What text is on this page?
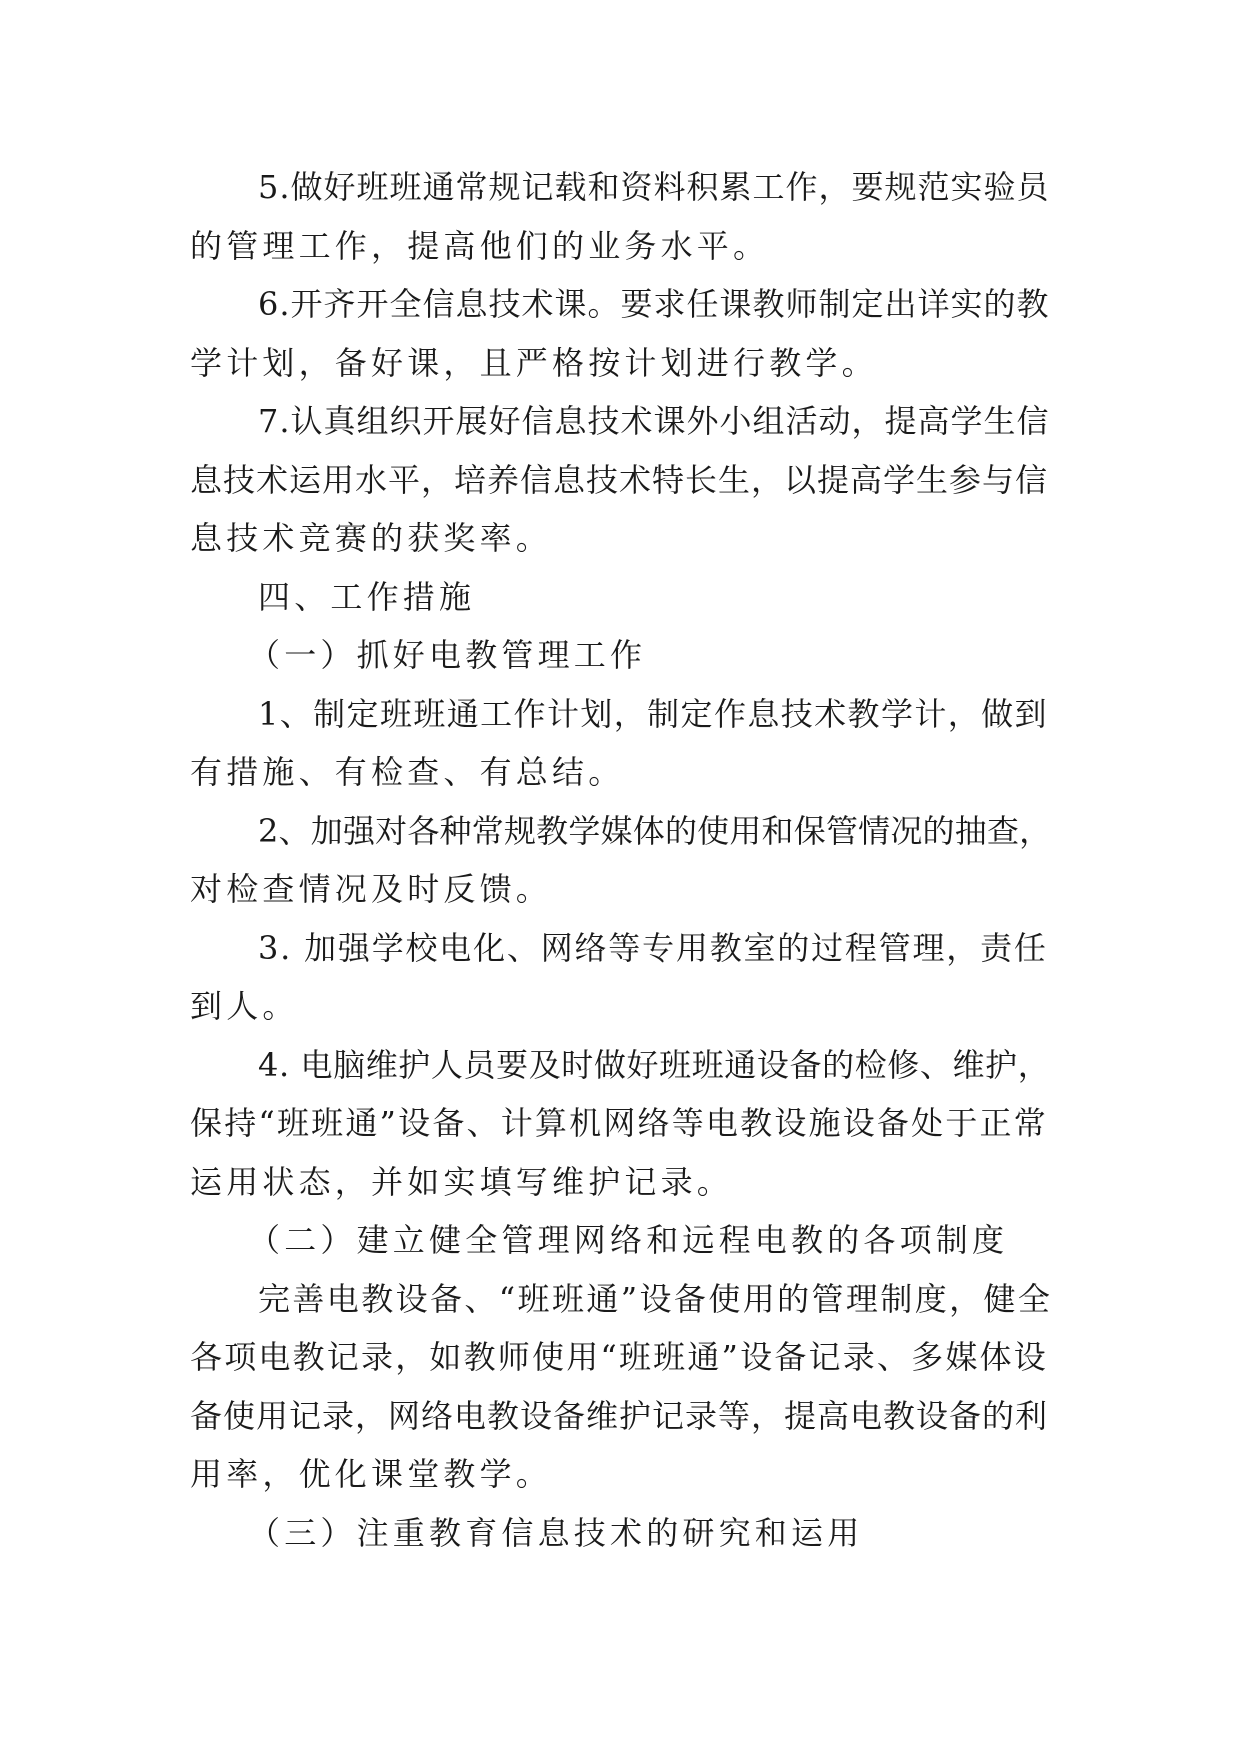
5.做好班班通常规记载和资料积累工作，要规范实验员
的管理工作，提高他们的业务水平。
6.开齐开全信息技术课。要求任课教师制定出详实的教
学计划，备好课，且严格按计划进行教学。
7.认真组织开展好信息技术课外小组活动，提高学生信
息技术运用水平，培养信息技术特长生，以提高学生参与信
息技术竞赛的获奖率。
四、工作措施
（一）抓好电教管理工作
1、制定班班通工作计划，制定作息技术教学计，做到
有措施、有检查、有总结。
2、加强对各种常规教学媒体的使用和保管情况的抽查，
对检查情况及时反馈。
3. 加强学校电化、网络等专用教室的过程管理，责任
到人。
4. 电脑维护人员要及时做好班班通设备的检修、维护，
保持“班班通”设备、计算机网络等电教设施设备处于正常
运用状态，并如实填写维护记录。
（二）建立健全管理网络和远程电教的各项制度
完善电教设备、“班班通”设备使用的管理制度，健全
各项电教记录，如教师使用“班班通”设备记录、多媒体设
备使用记录，网络电教设备维护记录等，提高电教设备的利
用率，优化课堂教学。
（三）注重教育信息技术的研究和运用
